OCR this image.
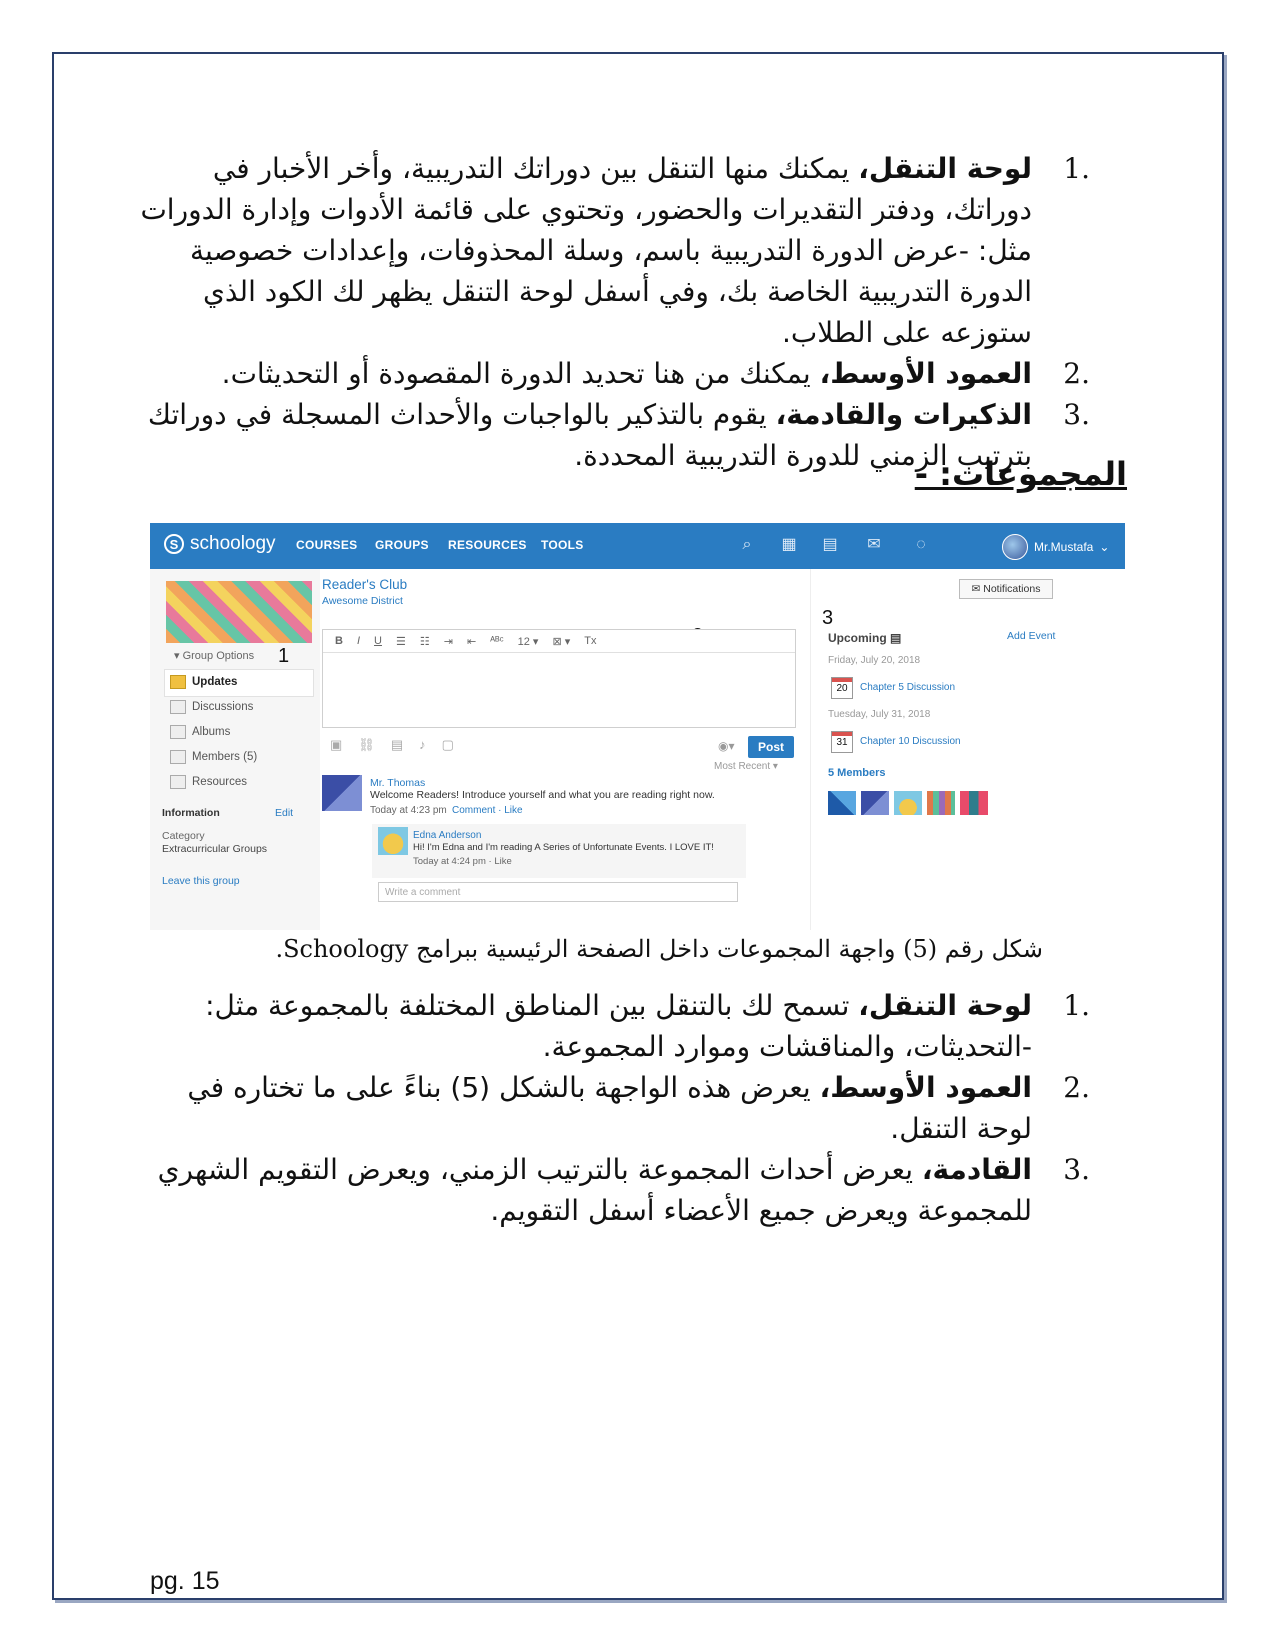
1.
لوحة التنقل، يمكنك منها التنقل بين دوراتك التدريبية، وأخر الأخبار في دوراتك، ودفتر التقديرات والحضور، وتحتوي على قائمة الأدوات وإدارة الدورات مثل: -عرض الدورة التدريبية باسم، وسلة المحذوفات، وإعدادات خصوصية الدورة التدريبية الخاصة بك، وفي أسفل لوحة التنقل يظهر لك الكود الذي ستوزعه على الطلاب.
2.
العمود الأوسط، يمكنك من هنا تحديد الدورة المقصودة أو التحديثات.
3.
الذكيرات والقادمة، يقوم بالتذكير بالواجبات والأحداث المسجلة في دوراتك بترتيب الزمني للدورة التدريبية المحددة.
المجموعات: -
S schoology COURSES GROUPS RESOURCES TOOLS	⌕ ▦ ▤ ✉ ◌	Mr.Mustafa ⌄
▾ Group Options 1
Updates
Discussions
Albums
Members (5)
Resources
Information	Edit
Category
Extracurricular Groups
Leave this group
Reader's Club
Awesome District
B I U ☰ ☷ ⇥ ⇤ ᴬᴮᶜ 12 ▾ ⊠ ▾ Tx
▣ ⛓ ▤ ♪ ▢	◉▾	Post
Most Recent ▾
Mr. Thomas
Welcome Readers! Introduce yourself and what you are reading right now.
Today at 4:23 pm Comment · Like
Edna Anderson
Hi! I'm Edna and I'm reading A Series of Unfortunate Events. I LOVE IT!
Today at 4:24 pm · Like
Write a comment
✉ Notifications
3
Upcoming ▤	Add Event
Friday, July 20, 2018
20	Chapter 5 Discussion
Tuesday, July 31, 2018
31	Chapter 10 Discussion
5 Members
شكل رقم (5) واجهة المجموعات داخل الصفحة الرئيسية ببرامج Schoology.
1.
لوحة التنقل، تسمح لك بالتنقل بين المناطق المختلفة بالمجموعة مثل: -التحديثات، والمناقشات وموارد المجموعة.
2.
العمود الأوسط، يعرض هذه الواجهة بالشكل (5) بناءً على ما تختاره في لوحة التنقل.
3.
القادمة، يعرض أحداث المجموعة بالترتيب الزمني، ويعرض التقويم الشهري للمجموعة ويعرض جميع الأعضاء أسفل التقويم.
pg. 15
